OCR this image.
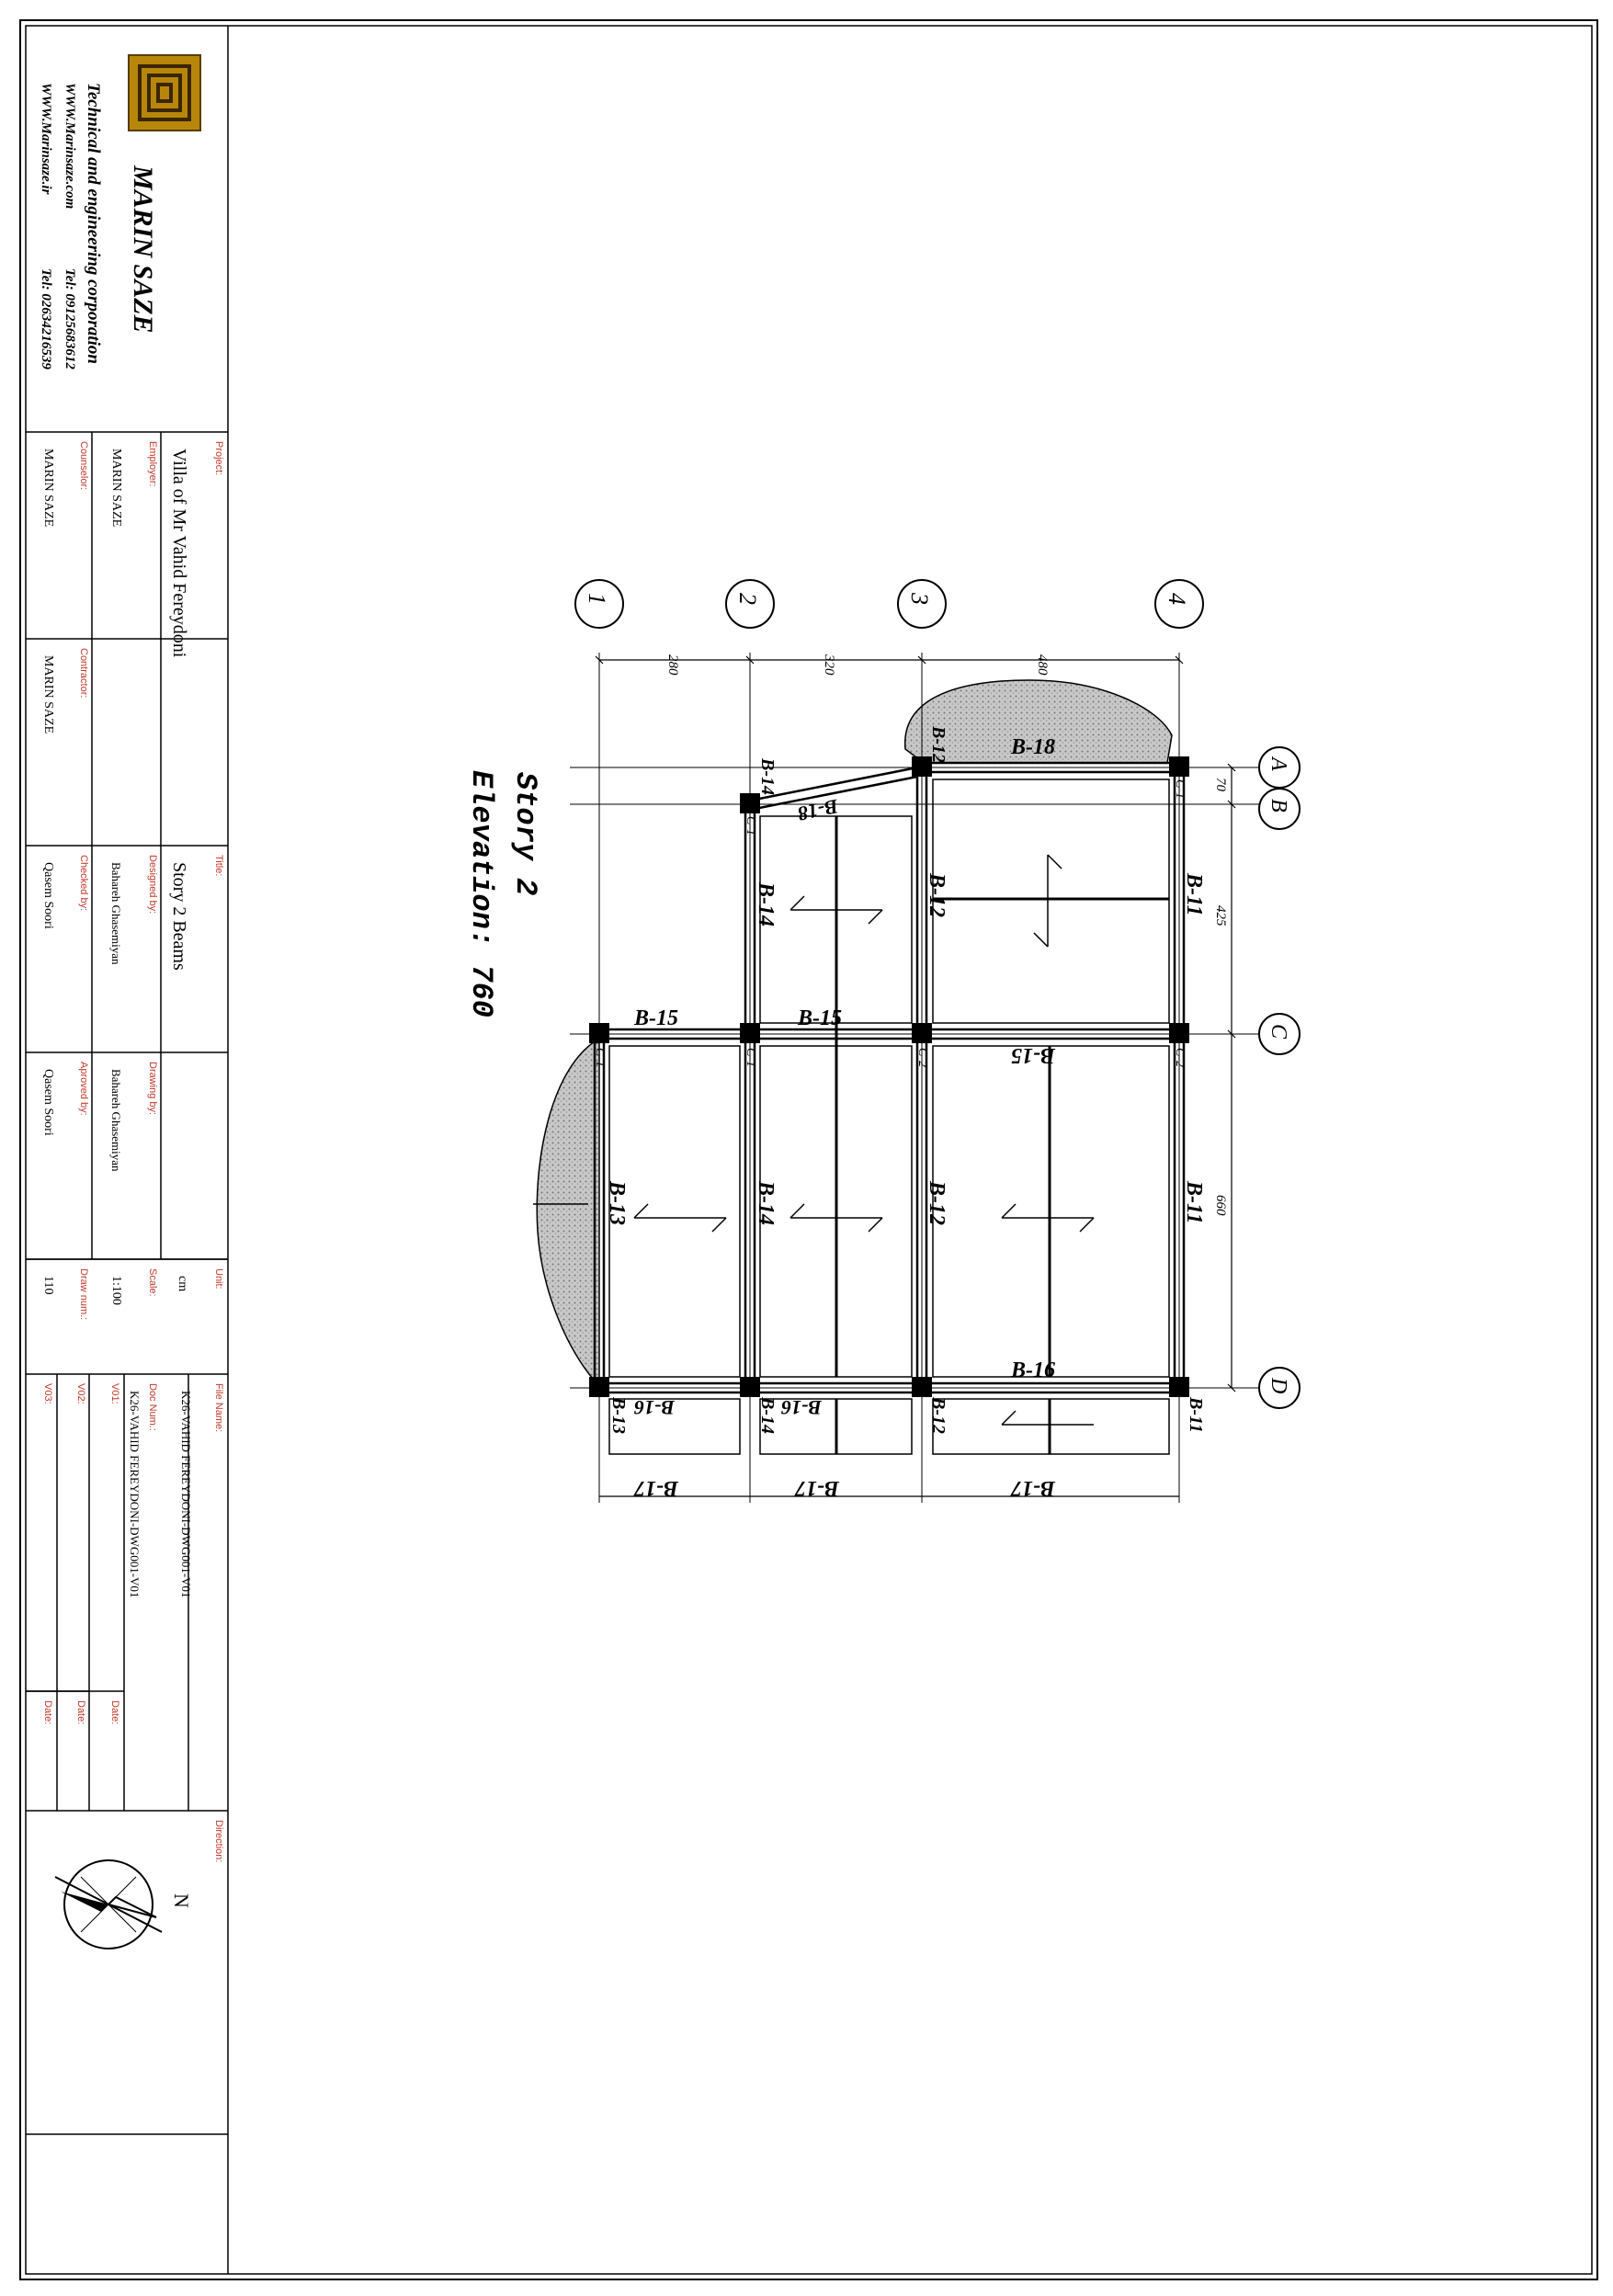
MARIN SAZE
Technical and engineering corporation
WWW.Marinsaze.com
Tel: 09125683612
WWW.Marinsaze.ir
Tel: 02634216539
Project:
Villa of Mr Vahid Fereydoni
Employer:
MARIN SAZE
Counselor:
MARIN SAZE
Contractor:
MARIN SAZE
Title:
Story 2 Beams
Designed by:
Bahareh Ghasemiyan
Drawing by:
Bahareh Ghasemiyan
Checked by:
Qasem Soori
Aproved by:
Qasem Soori
Unit:
cm
Scale:
1:100
Draw num.:
110
File Name:
K26-VAHID FEREYDONI-DWG001-V01
Doc Num.:
K26-VAHID FEREYDONI-DWG001-V01
V01:
V02:
V03:
Date:
Date:
Date:
Direction:
N
Story 2
Elevation: 760
1	2	3	4
A
B
C
D
280	320	480
70
425
660
B-11
B-11
B-11
B-12
B-12
B-12
B-12
B-14
B-14
B-14
B-14
B-13
B-13
B-15	B-15
B-15
B-16
B-16
B-16
B-18
B-18
B-17	B-17	B-17
C-1	C-1	C-2	C-2
C-1
C-1
